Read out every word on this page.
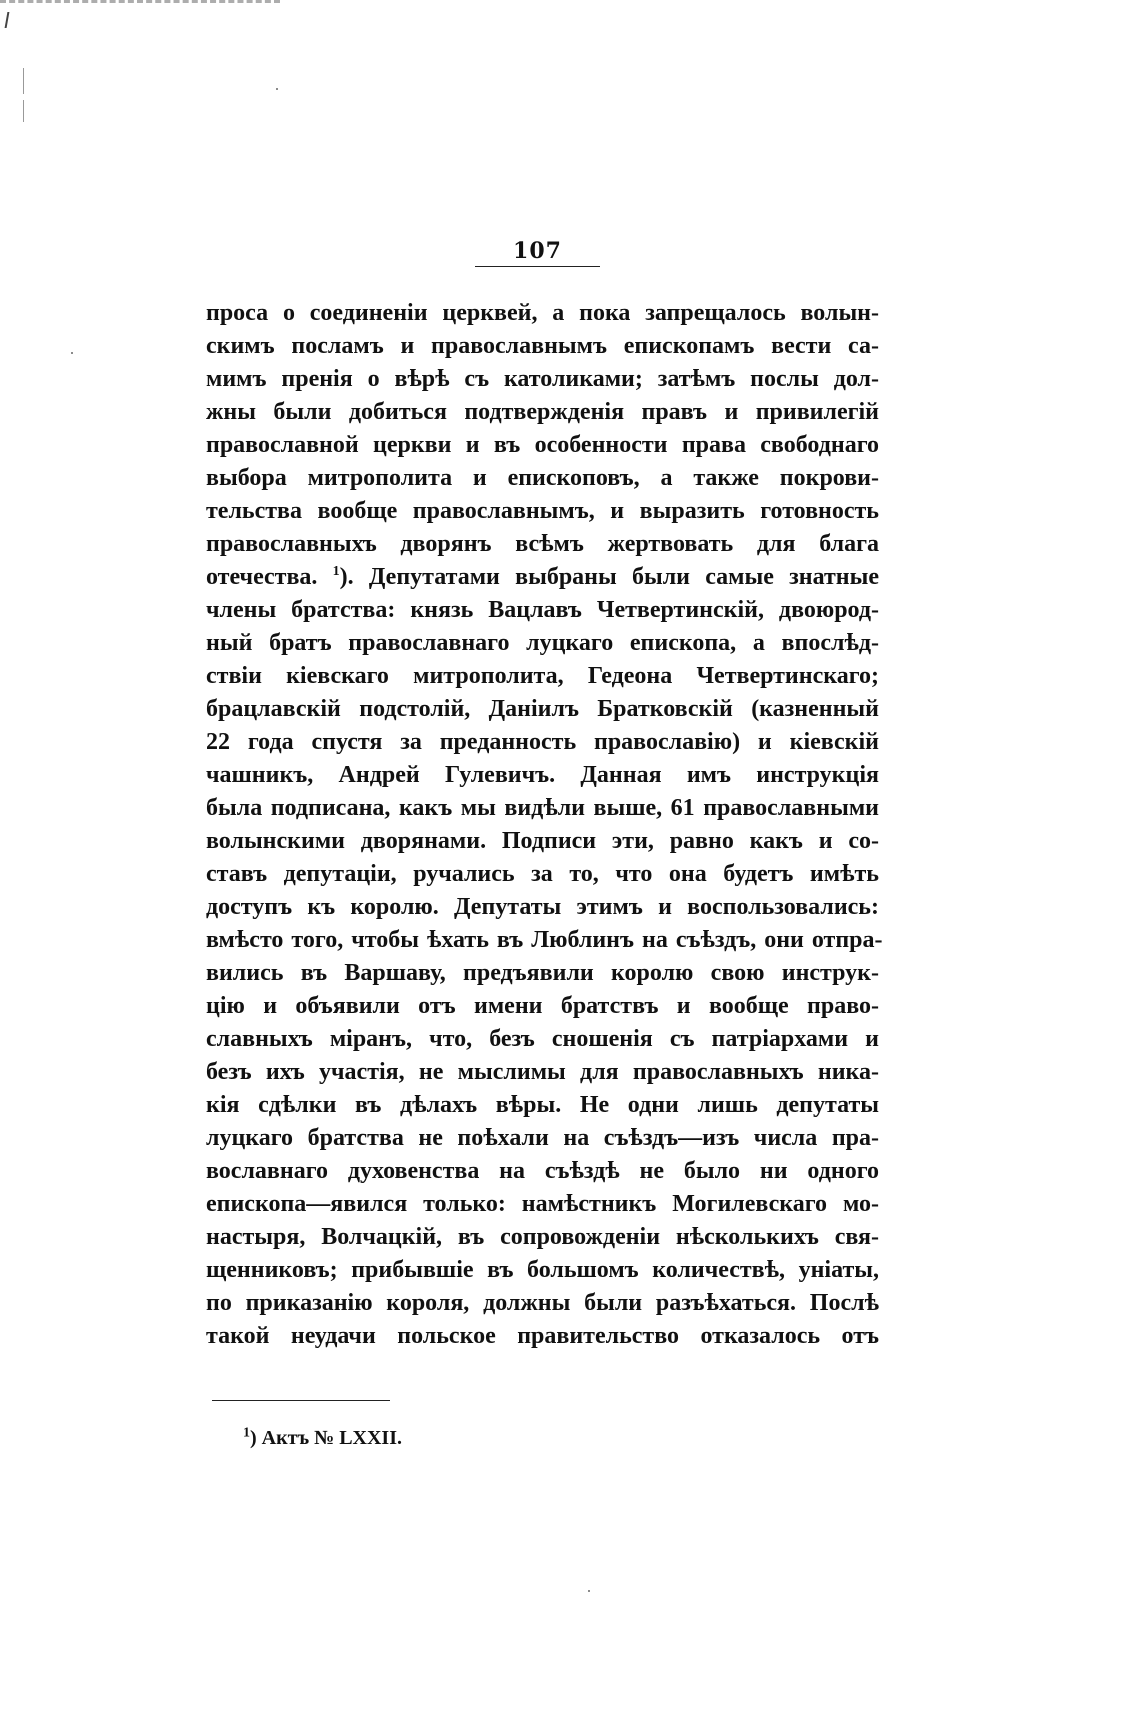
107
проса о соединеніи церквей, а пока запрещалось волын-
скимъ посламъ и православнымъ епископамъ вести са-
мимъ пренія о вѣрѣ съ католиками; затѣмъ послы дол-
жны были добиться подтвержденія правъ и привилегій
православной церкви и въ особенности права свободнаго
выбора митрополита и епископовъ, а также покрови-
тельства вообще православнымъ, и выразить готовность
православныхъ дворянъ всѣмъ жертвовать для блага
отечества. $^1$). Депутатами выбраны были самые знатные
члены братства: князь Вацлавъ Четвертинскій, двоюрод-
ный братъ православнаго луцкаго епископа, а впослѣд-
ствіи кіевскаго митрополита, Гедеона Четвертинскаго;
брацлавскій подстолій, Даніилъ Братковскій (казненный
22 года спустя за преданность православію) и кіевскій
чашникъ, Андрей Гулевичъ. Данная имъ инструкція
была подписана, какъ мы видѣли выше, 61 православными
волынскими дворянами. Подписи эти, равно какъ и со-
ставъ депутаціи, ручались за то, что она будетъ имѣть
доступъ къ королю. Депутаты этимъ и воспользовались:
вмѣсто того, чтобы ѣхать въ Люблинъ на съѣздъ, они отпра-
вились въ Варшаву, предъявили королю свою инструк-
цію и объявили отъ имени братствъ и вообще право-
славныхъ міранъ, что, безъ сношенія съ патріархами и
безъ ихъ участія, не мыслимы для православныхъ ника-
кія сдѣлки въ дѣлахъ вѣры. Не одни лишь депутаты
луцкаго братства не поѣхали на съѣздъ—изъ числа пра-
вославнаго духовенства на съѣздѣ не было ни одного
епископа—явился только: намѣстникъ Могилевскаго мо-
настыря, Волчацкій, въ сопровожденіи нѣсколькихъ свя-
щенниковъ; прибывшіе въ большомъ количествѣ, уніаты,
по приказанію короля, должны были разъѣхаться. Послѣ
такой неудачи польское правительство отказалось отъ
$^1$) Актъ № LXXII.
